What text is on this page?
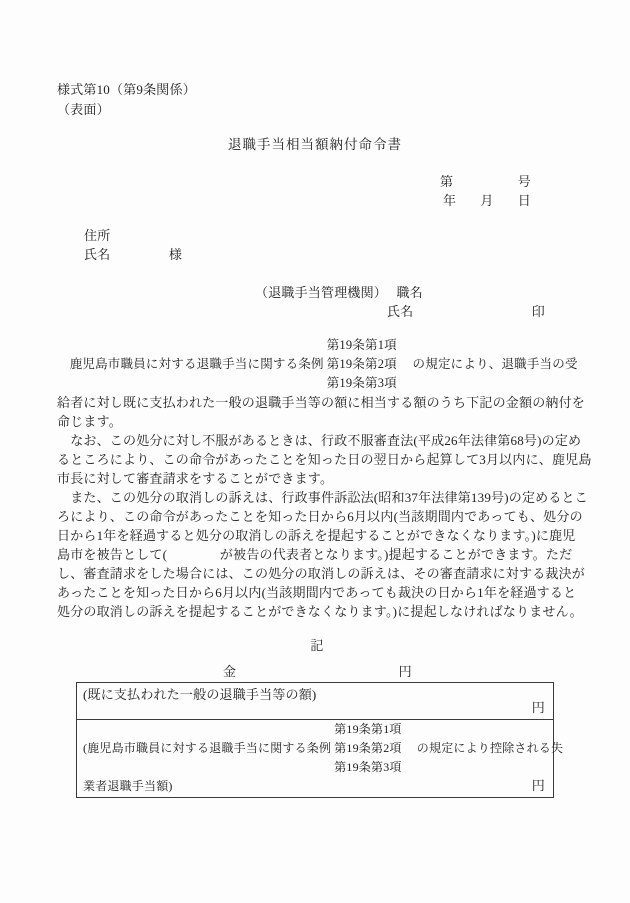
様式第10（第9条関係）
（表面）
退職手当相当額納付命令書
第	号
年 月 日
住所
氏名	様
（退職手当管理機関） 職名
氏名	印
　鹿児島市職員に対する退職手当に関する条例
第19条第1項
第19条第2項
第19条第3項
　の規定により、退職手当の受
給者に対し既に支払われた一般の退職手当等の額に相当する額のうち下記の金額の納付を
命じます。
　なお、この処分に対し不服があるときは、行政不服審査法(平成26年法律第68号)の定め
るところにより、この命令があったことを知った日の翌日から起算して3月以内に、鹿児島
市長に対して審査請求をすることができます。
　また、この処分の取消しの訴えは、行政事件訴訟法(昭和37年法律第139号)の定めるとこ
ろにより、この命令があったことを知った日から6月以内(当該期間内であっても、処分の
日から1年を経過すると処分の取消しの訴えを提起することができなくなります。)に鹿児
島市を被告として(　　　　が被告の代表者となります。)提起することができます。ただ
し、審査請求をした場合には、この処分の取消しの訴えは、その審査請求に対する裁決が
あったことを知った日から6月以内(当該期間内であっても裁決の日から1年を経過すると
処分の取消しの訴えを提起することができなくなります。)に提起しなければなりません。
記
金	円
(既に支払われた一般の退職手当等の額)
円
(鹿児島市職員に対する退職手当に関する条例
第19条第1項
第19条第2項
第19条第3項
　の規定により控除される失
業者退職手当額)	円
